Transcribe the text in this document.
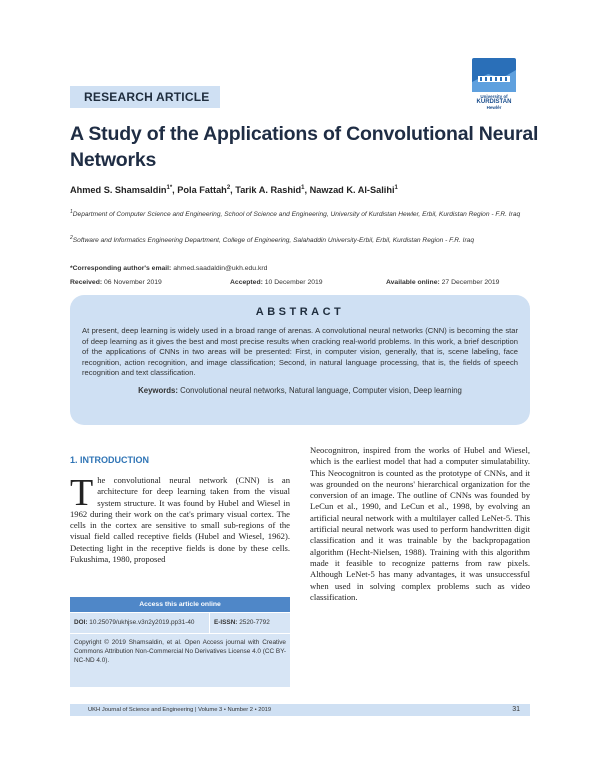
University of
KURDISTAN
Hewlêr
RESEARCH ARTICLE
A Study of the Applications of Convolutional Neural Networks
Ahmed S. Shamsaldin$^{1*}$, Pola Fattah$^2$, Tarik A. Rashid$^1$, Nawzad K. Al-Salihi$^1$
$^1$Department of Computer Science and Engineering, School of Science and Engineering, University of Kurdistan Hewler, Erbil, Kurdistan Region - F.R. Iraq
$^2$Software and Informatics Engineering Department, College of Engineering, Salahaddin University-Erbil, Erbil, Kurdistan Region - F.R. Iraq
*Corresponding author's email: ahmed.saadaldin@ukh.edu.krd
Received: 06 November 2019	Accepted: 10 December 2019	Available online: 27 December 2019
ABSTRACT

At present, deep learning is widely used in a broad range of arenas. A convolutional neural networks (CNN) is becoming the star of deep learning as it gives the best and most precise results when cracking real-world problems. In this work, a brief description of the applications of CNNs in two areas will be presented: First, in computer vision, generally, that is, scene labeling, face recognition, action recognition, and image classification; Second, in natural language processing, that is, the fields of speech recognition and text classification.

Keywords: Convolutional neural networks, Natural language, Computer vision, Deep learning

1. INTRODUCTION
The convolutional neural network (CNN) is an architecture for deep learning taken from the visual system structure. It was found by Hubel and Wiesel in 1962 during their work on the cat's primary visual cortex. The cells in the cortex are sensitive to small sub-regions of the visual field called receptive fields (Hubel and Wiesel, 1962). Detecting light in the receptive fields is done by these cells. Fukushima, 1980, proposed
Neocognitron, inspired from the works of Hubel and Wiesel, which is the earliest model that had a computer simulatability. This Neocognitron is counted as the prototype of CNNs, and it was grounded on the neurons' hierarchical organization for the conversion of an image. The outline of CNNs was founded by LeCun et al., 1990, and LeCun et al., 1998, by evolving an artificial neural network with a multilayer called LeNet-5. This artificial neural network was used to perform handwritten digit classification and it was trainable by the backpropagation algorithm (Hecht-Nielsen, 1988). Training with this algorithm made it feasible to recognize patterns from raw pixels. Although LeNet-5 has many advantages, it was unsuccessful when used in solving complex problems such as video classification.
Access this article online
DOI: 10.25079/ukhjse.v3n2y2019.pp31-40	E-ISSN: 2520-7792
Copyright © 2019 Shamsaldin, et al. Open Access journal with Creative Commons Attribution Non-Commercial No Derivatives License 4.0 (CC BY-NC-ND 4.0).
UKH Journal of Science and Engineering | Volume 3 • Number 2 • 2019	31
